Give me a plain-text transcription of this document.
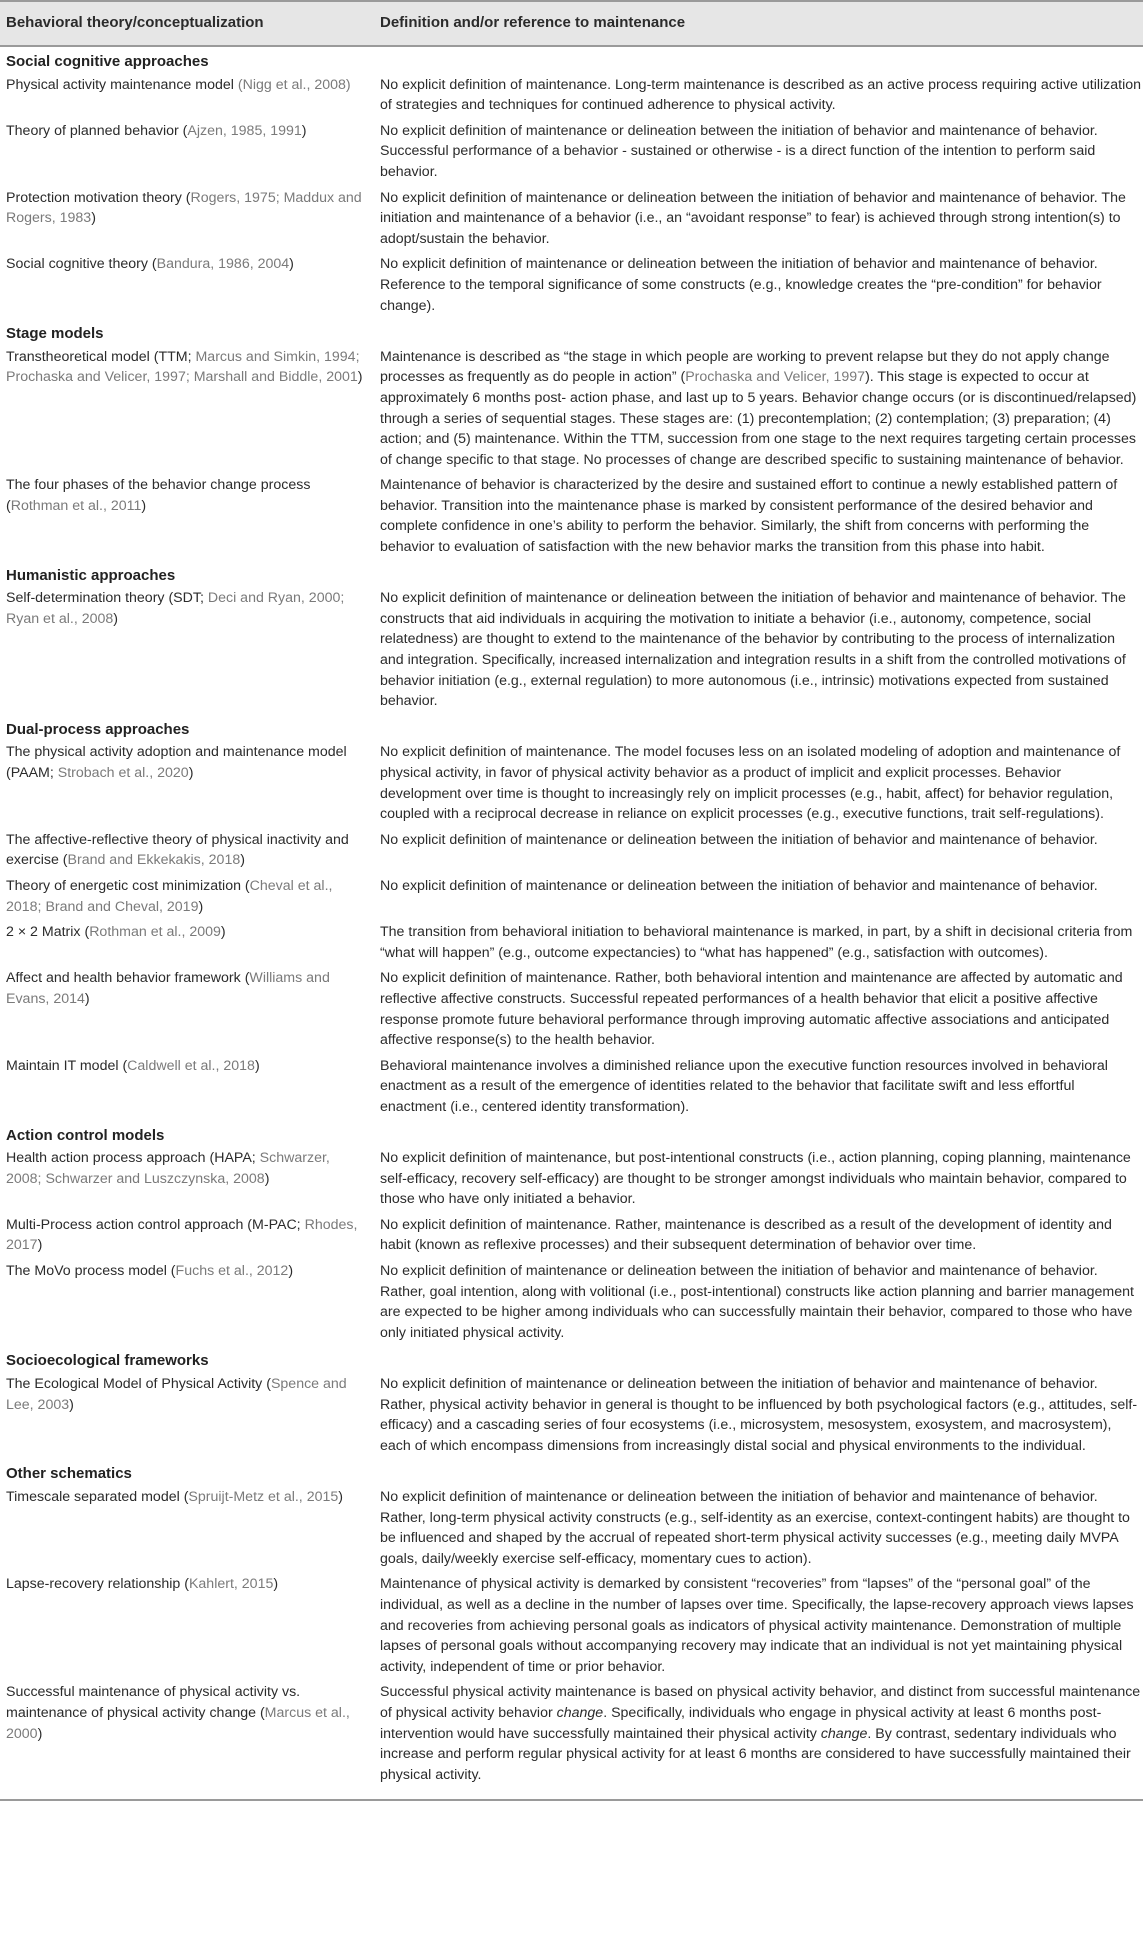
Behavioral theory/conceptualization	Definition and/or reference to maintenance
Social cognitive approaches	
Physical activity maintenance model (Nigg et al., 2008)	No explicit definition of maintenance. Long-term maintenance is described as an active process requiring active utilization of strategies and techniques for continued adherence to physical activity.
Theory of planned behavior (Ajzen, 1985, 1991)	No explicit definition of maintenance or delineation between the initiation of behavior and maintenance of behavior. Successful performance of a behavior - sustained or otherwise - is a direct function of the intention to perform said behavior.
Protection motivation theory (Rogers, 1975; Maddux and Rogers, 1983)	No explicit definition of maintenance or delineation between the initiation of behavior and maintenance of behavior. The initiation and maintenance of a behavior (i.e., an “avoidant response” to fear) is achieved through strong intention(s) to adopt/sustain the behavior.
Social cognitive theory (Bandura, 1986, 2004)	No explicit definition of maintenance or delineation between the initiation of behavior and maintenance of behavior. Reference to the temporal significance of some constructs (e.g., knowledge creates the “pre-condition” for behavior change).
Stage models	
Transtheoretical model (TTM; Marcus and Simkin, 1994; Prochaska and Velicer, 1997; Marshall and Biddle, 2001)	Maintenance is described as “the stage in which people are working to prevent relapse but they do not apply change processes as frequently as do people in action” (Prochaska and Velicer, 1997). This stage is expected to occur at approximately 6 months post- action phase, and last up to 5 years. Behavior change occurs (or is discontinued/relapsed) through a series of sequential stages. These stages are: (1) precontemplation; (2) contemplation; (3) preparation; (4) action; and (5) maintenance. Within the TTM, succession from one stage to the next requires targeting certain processes of change specific to that stage. No processes of change are described specific to sustaining maintenance of behavior.
The four phases of the behavior change process (Rothman et al., 2011)	Maintenance of behavior is characterized by the desire and sustained effort to continue a newly established pattern of behavior. Transition into the maintenance phase is marked by consistent performance of the desired behavior and complete confidence in one’s ability to perform the behavior. Similarly, the shift from concerns with performing the behavior to evaluation of satisfaction with the new behavior marks the transition from this phase into habit.
Humanistic approaches	
Self-determination theory (SDT; Deci and Ryan, 2000; Ryan et al., 2008)	No explicit definition of maintenance or delineation between the initiation of behavior and maintenance of behavior. The constructs that aid individuals in acquiring the motivation to initiate a behavior (i.e., autonomy, competence, social relatedness) are thought to extend to the maintenance of the behavior by contributing to the process of internalization and integration. Specifically, increased internalization and integration results in a shift from the controlled motivations of behavior initiation (e.g., external regulation) to more autonomous (i.e., intrinsic) motivations expected from sustained behavior.
Dual-process approaches	
The physical activity adoption and maintenance model (PAAM; Strobach et al., 2020)	No explicit definition of maintenance. The model focuses less on an isolated modeling of adoption and maintenance of physical activity, in favor of physical activity behavior as a product of implicit and explicit processes. Behavior development over time is thought to increasingly rely on implicit processes (e.g., habit, affect) for behavior regulation, coupled with a reciprocal decrease in reliance on explicit processes (e.g., executive functions, trait self-regulations).
The affective-reflective theory of physical inactivity and exercise (Brand and Ekkekakis, 2018)	No explicit definition of maintenance or delineation between the initiation of behavior and maintenance of behavior.
Theory of energetic cost minimization (Cheval et al., 2018; Brand and Cheval, 2019)	No explicit definition of maintenance or delineation between the initiation of behavior and maintenance of behavior.
2 × 2 Matrix (Rothman et al., 2009)	The transition from behavioral initiation to behavioral maintenance is marked, in part, by a shift in decisional criteria from “what will happen” (e.g., outcome expectancies) to “what has happened” (e.g., satisfaction with outcomes).
Affect and health behavior framework (Williams and Evans, 2014)	No explicit definition of maintenance. Rather, both behavioral intention and maintenance are affected by automatic and reflective affective constructs. Successful repeated performances of a health behavior that elicit a positive affective response promote future behavioral performance through improving automatic affective associations and anticipated affective response(s) to the health behavior.
Maintain IT model (Caldwell et al., 2018)	Behavioral maintenance involves a diminished reliance upon the executive function resources involved in behavioral enactment as a result of the emergence of identities related to the behavior that facilitate swift and less effortful enactment (i.e., centered identity transformation).
Action control models	
Health action process approach (HAPA; Schwarzer, 2008; Schwarzer and Luszczynska, 2008)	No explicit definition of maintenance, but post-intentional constructs (i.e., action planning, coping planning, maintenance self-efficacy, recovery self-efficacy) are thought to be stronger amongst individuals who maintain behavior, compared to those who have only initiated a behavior.
Multi-Process action control approach (M-PAC; Rhodes, 2017)	No explicit definition of maintenance. Rather, maintenance is described as a result of the development of identity and habit (known as reflexive processes) and their subsequent determination of behavior over time.
The MoVo process model (Fuchs et al., 2012)	No explicit definition of maintenance or delineation between the initiation of behavior and maintenance of behavior. Rather, goal intention, along with volitional (i.e., post-intentional) constructs like action planning and barrier management are expected to be higher among individuals who can successfully maintain their behavior, compared to those who have only initiated physical activity.
Socioecological frameworks	
The Ecological Model of Physical Activity (Spence and Lee, 2003)	No explicit definition of maintenance or delineation between the initiation of behavior and maintenance of behavior. Rather, physical activity behavior in general is thought to be influenced by both psychological factors (e.g., attitudes, self-efficacy) and a cascading series of four ecosystems (i.e., microsystem, mesosystem, exosystem, and macrosystem), each of which encompass dimensions from increasingly distal social and physical environments to the individual.
Other schematics	
Timescale separated model (Spruijt-Metz et al., 2015)	No explicit definition of maintenance or delineation between the initiation of behavior and maintenance of behavior. Rather, long-term physical activity constructs (e.g., self-identity as an exercise, context-contingent habits) are thought to be influenced and shaped by the accrual of repeated short-term physical activity successes (e.g., meeting daily MVPA goals, daily/weekly exercise self-efficacy, momentary cues to action).
Lapse-recovery relationship (Kahlert, 2015)	Maintenance of physical activity is demarked by consistent “recoveries” from “lapses” of the “personal goal” of the individual, as well as a decline in the number of lapses over time. Specifically, the lapse-recovery approach views lapses and recoveries from achieving personal goals as indicators of physical activity maintenance. Demonstration of multiple lapses of personal goals without accompanying recovery may indicate that an individual is not yet maintaining physical activity, independent of time or prior behavior.
Successful maintenance of physical activity vs. maintenance of physical activity change (Marcus et al., 2000)	Successful physical activity maintenance is based on physical activity behavior, and distinct from successful maintenance of physical activity behavior change. Specifically, individuals who engage in physical activity at least 6 months post-intervention would have successfully maintained their physical activity change. By contrast, sedentary individuals who increase and perform regular physical activity for at least 6 months are considered to have successfully maintained their physical activity.
